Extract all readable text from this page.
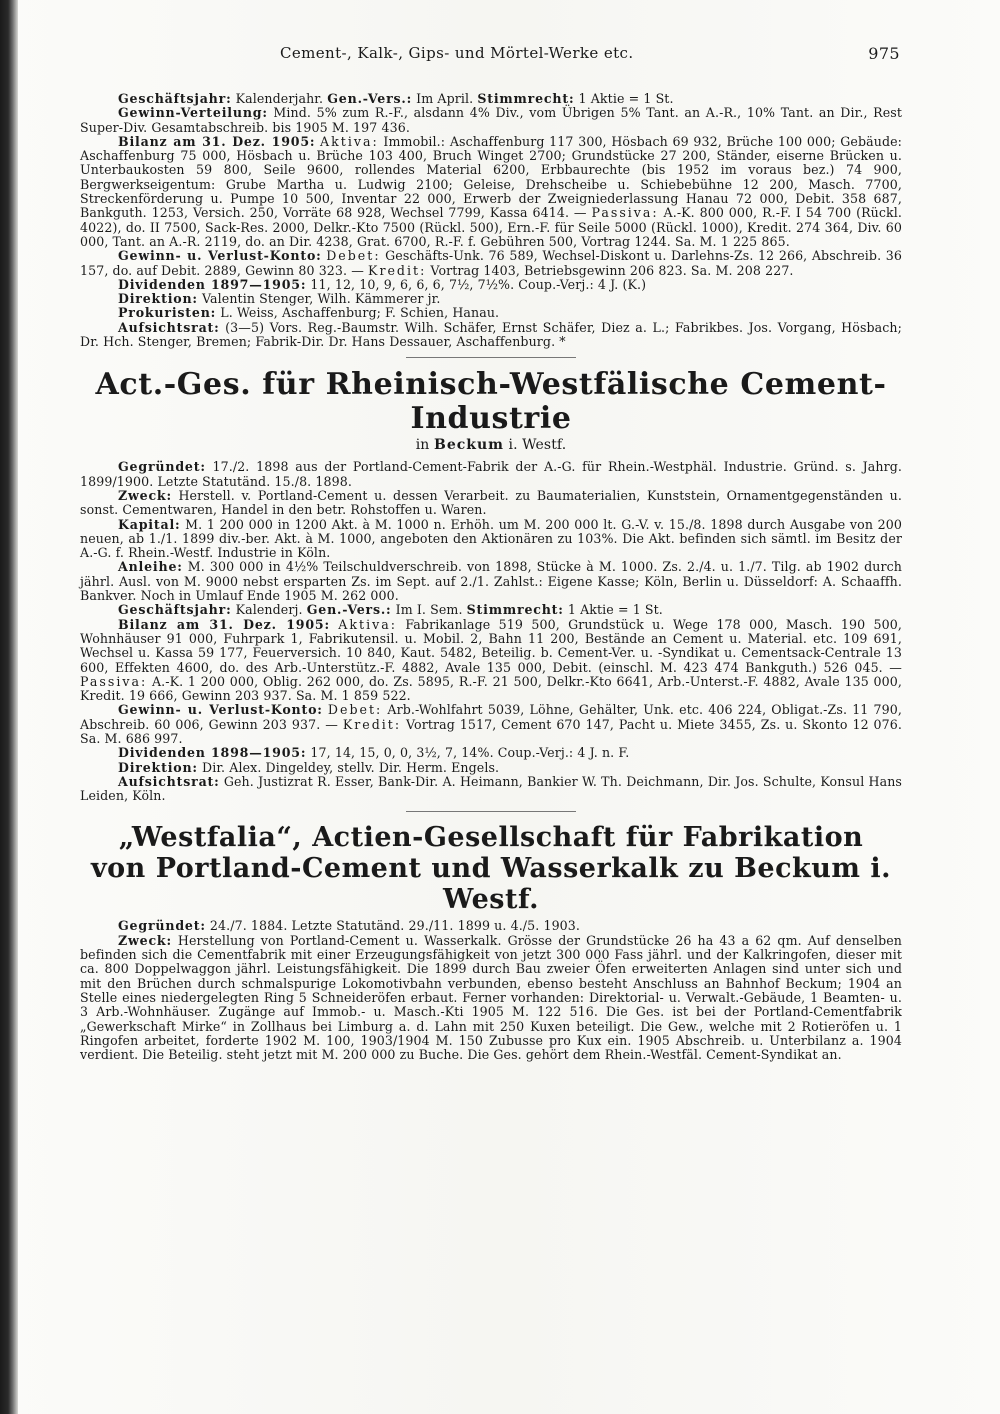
Cement-, Kalk-, Gips- und Mörtel-Werke etc.	975

Geschäftsjahr: Kalenderjahr. Gen.-Vers.: Im April. Stimmrecht: 1 Aktie = 1 St.

Gewinn-Verteilung: Mind. 5% zum R.-F., alsdann 4% Div., vom Übrigen 5% Tant. an A.-R., 10% Tant. an Dir., Rest Super-Div. Gesamtabschreib. bis 1905 M. 197 436.

Bilanz am 31. Dez. 1905: Aktiva: Immobil.: Aschaffenburg 117 300, Hösbach 69 932, Brüche 100 000; Gebäude: Aschaffenburg 75 000, Hösbach u. Brüche 103 400, Bruch Winget 2700; Grundstücke 27 200, Ständer, eiserne Brücken u. Unterbaukosten 59 800, Seile 9600, rollendes Material 6200, Erbbaurechte (bis 1952 im voraus bez.) 74 900, Bergwerkseigentum: Grube Martha u. Ludwig 2100; Geleise, Drehscheibe u. Schiebebühne 12 200, Masch. 7700, Streckenförderung u. Pumpe 10 500, Inventar 22 000, Erwerb der Zweigniederlassung Hanau 72 000, Debit. 358 687, Bankguth. 1253, Versich. 250, Vorräte 68 928, Wechsel 7799, Kassa 6414. — Passiva: A.-K. 800 000, R.-F. I 54 700 (Rückl. 4022), do. II 7500, Sack-Res. 2000, Delkr.-Kto 7500 (Rückl. 500), Ern.-F. für Seile 5000 (Rückl. 1000), Kredit. 274 364, Div. 60 000, Tant. an A.-R. 2119, do. an Dir. 4238, Grat. 6700, R.-F. f. Gebühren 500, Vortrag 1244. Sa. M. 1 225 865.

Gewinn- u. Verlust-Konto: Debet: Geschäfts-Unk. 76 589, Wechsel-Diskont u. Darlehns-Zs. 12 266, Abschreib. 36 157, do. auf Debit. 2889, Gewinn 80 323. — Kredit: Vortrag 1403, Betriebsgewinn 206 823. Sa. M. 208 227.

Dividenden 1897—1905: 11, 12, 10, 9, 6, 6, 6, 7½, 7½%. Coup.-Verj.: 4 J. (K.)

Direktion: Valentin Stenger, Wilh. Kämmerer jr.

Prokuristen: L. Weiss, Aschaffenburg; F. Schien, Hanau.

Aufsichtsrat: (3—5) Vors. Reg.-Baumstr. Wilh. Schäfer, Ernst Schäfer, Diez a. L.; Fabrikbes. Jos. Vorgang, Hösbach; Dr. Hch. Stenger, Bremen; Fabrik-Dir. Dr. Hans Dessauer, Aschaffenburg. *

Act.-Ges. für Rheinisch-Westfälische Cement-Industrie
in Beckum i. Westf.

Gegründet: 17./2. 1898 aus der Portland-Cement-Fabrik der A.-G. für Rhein.-Westphäl. Industrie. Gründ. s. Jahrg. 1899/1900. Letzte Statutänd. 15./8. 1898.

Zweck: Herstell. v. Portland-Cement u. dessen Verarbeit. zu Baumaterialien, Kunststein, Ornamentgegenständen u. sonst. Cementwaren, Handel in den betr. Rohstoffen u. Waren.

Kapital: M. 1 200 000 in 1200 Akt. à M. 1000 n. Erhöh. um M. 200 000 lt. G.-V. v. 15./8. 1898 durch Ausgabe von 200 neuen, ab 1./1. 1899 div.-ber. Akt. à M. 1000, angeboten den Aktionären zu 103%. Die Akt. befinden sich sämtl. im Besitz der A.-G. f. Rhein.-Westf. Industrie in Köln.

Anleihe: M. 300 000 in 4½% Teilschuldverschreib. von 1898, Stücke à M. 1000. Zs. 2./4. u. 1./7. Tilg. ab 1902 durch jährl. Ausl. von M. 9000 nebst ersparten Zs. im Sept. auf 2./1. Zahlst.: Eigene Kasse; Köln, Berlin u. Düsseldorf: A. Schaaffh. Bankver. Noch in Umlauf Ende 1905 M. 262 000.

Geschäftsjahr: Kalenderj. Gen.-Vers.: Im I. Sem. Stimmrecht: 1 Aktie = 1 St.

Bilanz am 31. Dez. 1905: Aktiva: Fabrikanlage 519 500, Grundstück u. Wege 178 000, Masch. 190 500, Wohnhäuser 91 000, Fuhrpark 1, Fabrikutensil. u. Mobil. 2, Bahn 11 200, Bestände an Cement u. Material. etc. 109 691, Wechsel u. Kassa 59 177, Feuerversich. 10 840, Kaut. 5482, Beteilig. b. Cement-Ver. u. -Syndikat u. Cementsack-Centrale 13 600, Effekten 4600, do. des Arb.-Unterstütz.-F. 4882, Avale 135 000, Debit. (einschl. M. 423 474 Bankguth.) 526 045. — Passiva: A.-K. 1 200 000, Oblig. 262 000, do. Zs. 5895, R.-F. 21 500, Delkr.-Kto 6641, Arb.-Unterst.-F. 4882, Avale 135 000, Kredit. 19 666, Gewinn 203 937. Sa. M. 1 859 522.

Gewinn- u. Verlust-Konto: Debet: Arb.-Wohlfahrt 5039, Löhne, Gehälter, Unk. etc. 406 224, Obligat.-Zs. 11 790, Abschreib. 60 006, Gewinn 203 937. — Kredit: Vortrag 1517, Cement 670 147, Pacht u. Miete 3455, Zs. u. Skonto 12 076. Sa. M. 686 997.

Dividenden 1898—1905: 17, 14, 15, 0, 0, 3½, 7, 14%. Coup.-Verj.: 4 J. n. F.

Direktion: Dir. Alex. Dingeldey, stellv. Dir. Herm. Engels.

Aufsichtsrat: Geh. Justizrat R. Esser, Bank-Dir. A. Heimann, Bankier W. Th. Deichmann, Dir. Jos. Schulte, Konsul Hans Leiden, Köln.

„Westfalia“, Actien-Gesellschaft für Fabrikation
von Portland-Cement und Wasserkalk zu Beckum i. Westf.

Gegründet: 24./7. 1884. Letzte Statutänd. 29./11. 1899 u. 4./5. 1903.

Zweck: Herstellung von Portland-Cement u. Wasserkalk. Grösse der Grundstücke 26 ha 43 a 62 qm. Auf denselben befinden sich die Cementfabrik mit einer Erzeugungsfähigkeit von jetzt 300 000 Fass jährl. und der Kalkringofen, dieser mit ca. 800 Doppelwaggon jährl. Leistungsfähigkeit. Die 1899 durch Bau zweier Öfen erweiterten Anlagen sind unter sich und mit den Brüchen durch schmalspurige Lokomotivbahn verbunden, ebenso besteht Anschluss an Bahnhof Beckum; 1904 an Stelle eines niedergelegten Ring 5 Schneideröfen erbaut. Ferner vorhanden: Direktorial- u. Verwalt.-Gebäude, 1 Beamten- u. 3 Arb.-Wohnhäuser. Zugänge auf Immob.- u. Masch.-Kti 1905 M. 122 516. Die Ges. ist bei der Portland-Cementfabrik „Gewerkschaft Mirke“ in Zollhaus bei Limburg a. d. Lahn mit 250 Kuxen beteiligt. Die Gew., welche mit 2 Rotieröfen u. 1 Ringofen arbeitet, forderte 1902 M. 100, 1903/1904 M. 150 Zubusse pro Kux ein. 1905 Abschreib. u. Unterbilanz a. 1904 verdient. Die Beteilig. steht jetzt mit M. 200 000 zu Buche. Die Ges. gehört dem Rhein.-Westfäl. Cement-Syndikat an.
